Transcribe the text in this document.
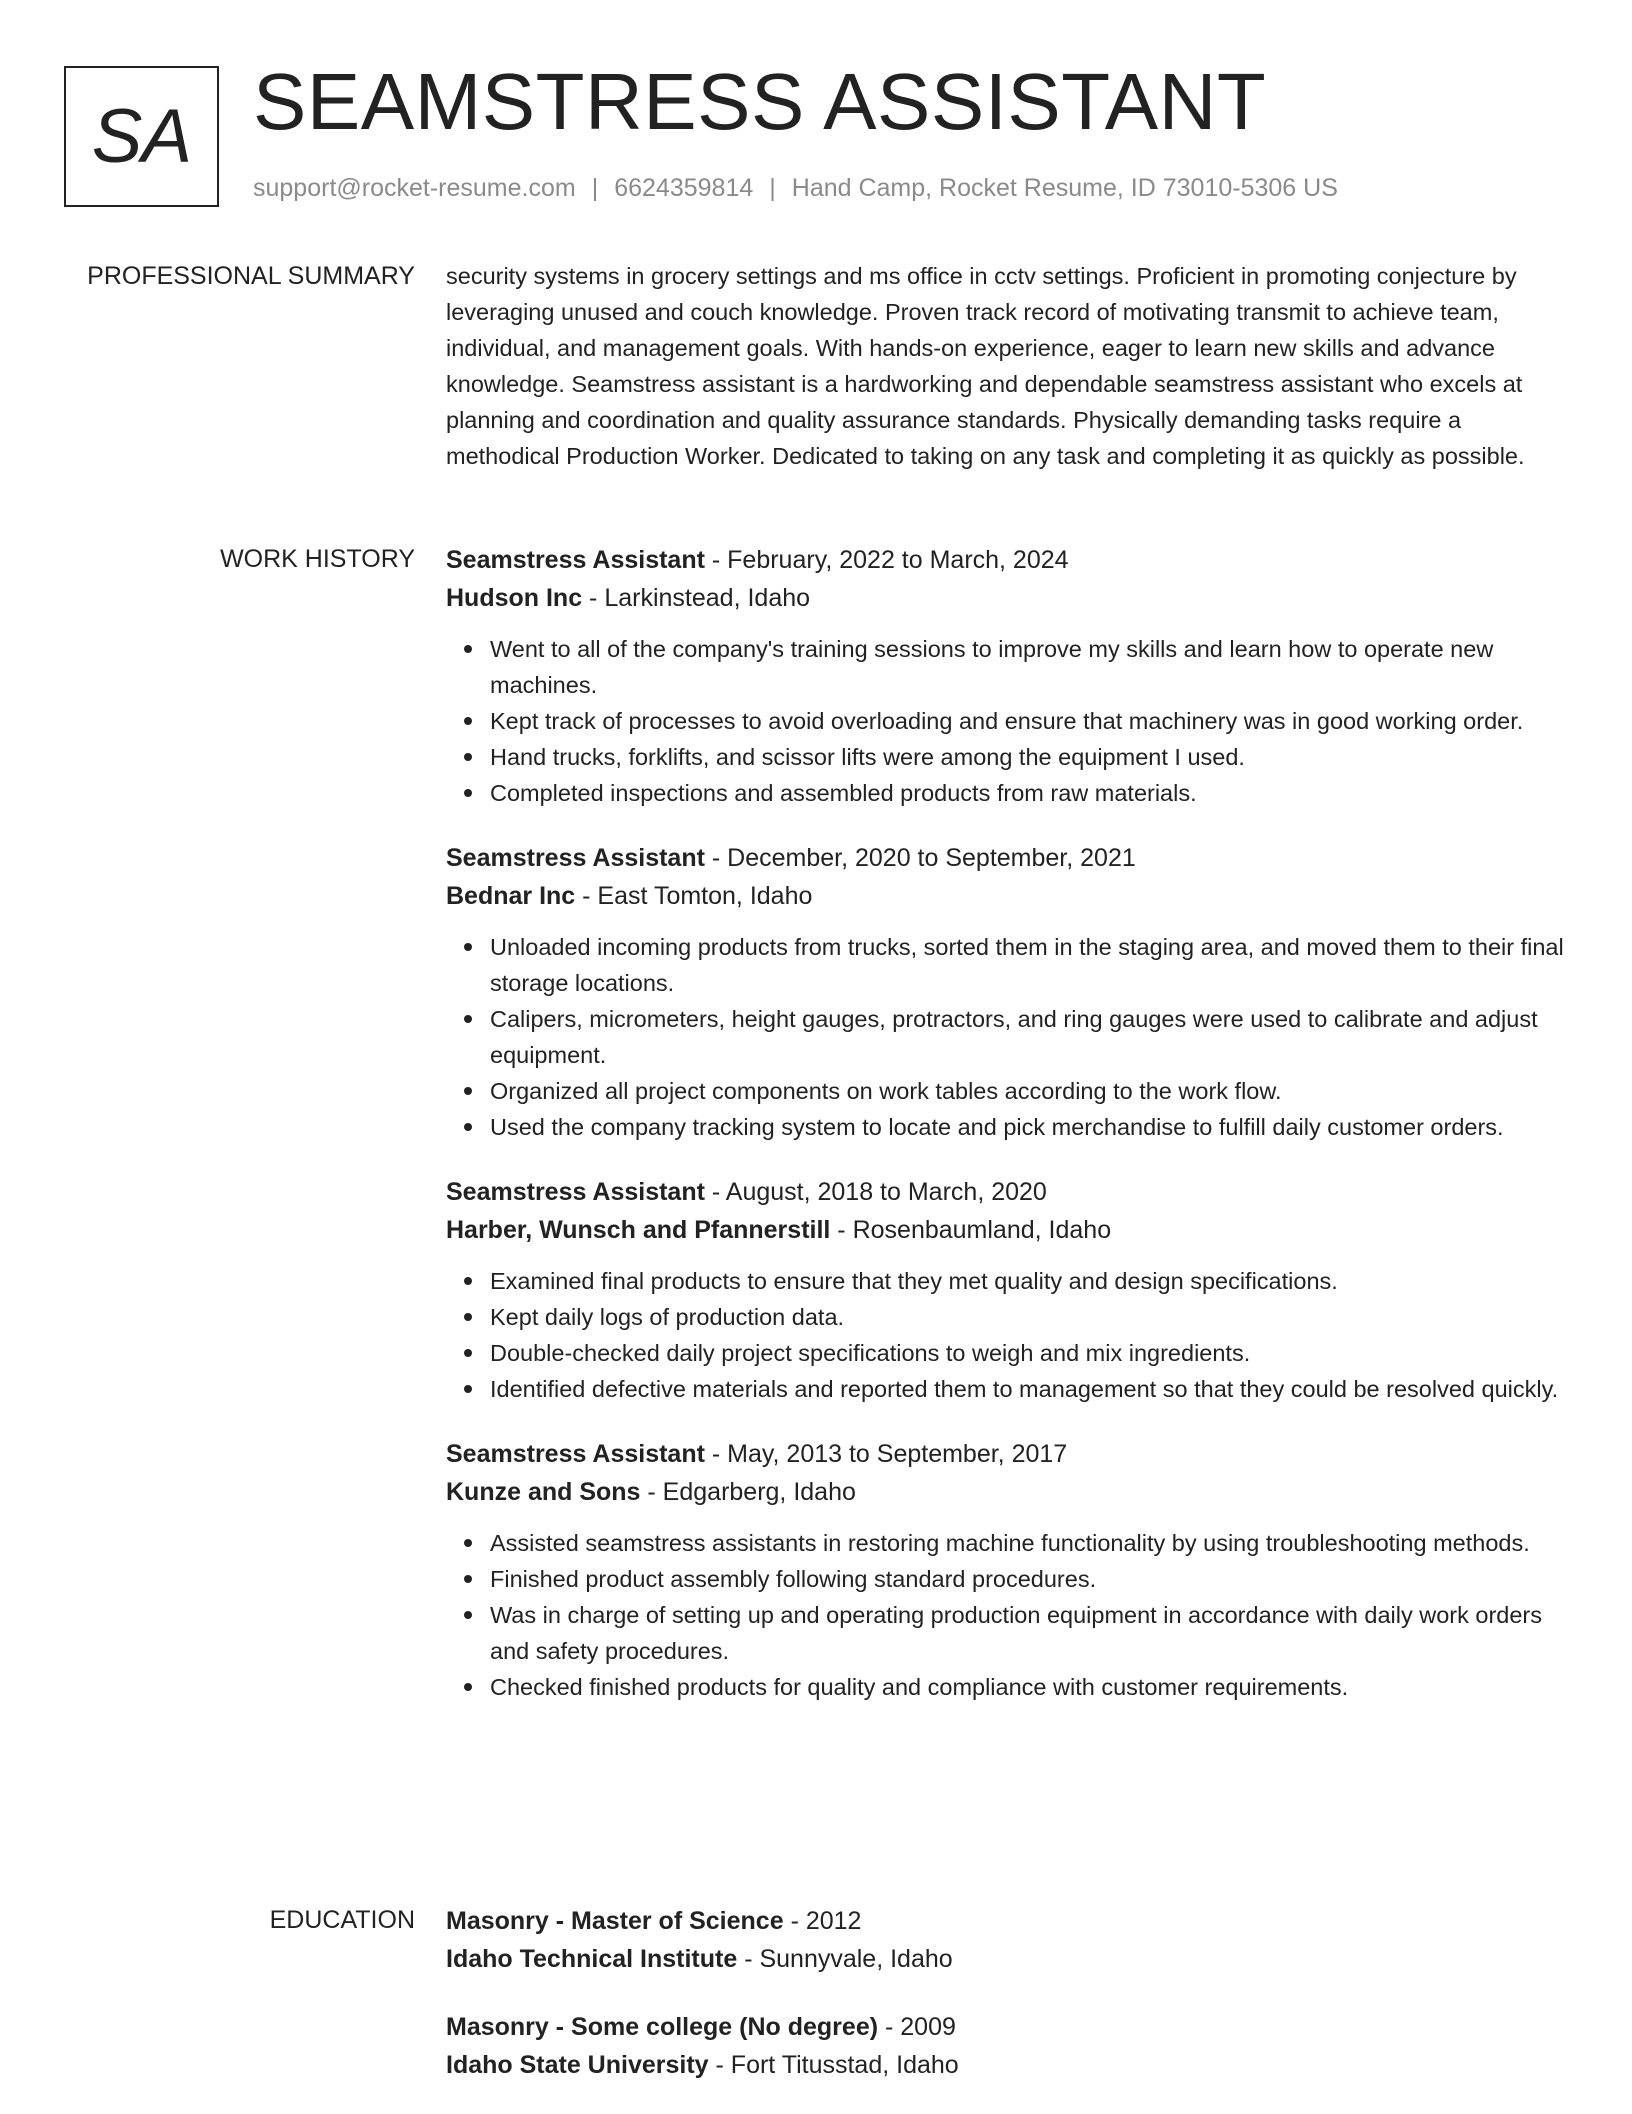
SA SEAMSTRESS ASSISTANT
support@rocket-resume.com | 6624359814 | Hand Camp, Rocket Resume, ID 73010-5306 US
PROFESSIONAL SUMMARY security systems in grocery settings and ms office in cctv settings. Proficient in promoting conjecture by leveraging unused and couch knowledge. Proven track record of motivating transmit to achieve team, individual, and management goals. With hands-on experience, eager to learn new skills and advance knowledge. Seamstress assistant is a hardworking and dependable seamstress assistant who excels at planning and coordination and quality assurance standards. Physically demanding tasks require a methodical Production Worker. Dedicated to taking on any task and completing it as quickly as possible.

WORK HISTORY Seamstress Assistant - February, 2022 to March, 2024
Hudson Inc - Larkinstead, Idaho
Went to all of the company's training sessions to improve my skills and learn how to operate new machines.
Kept track of processes to avoid overloading and ensure that machinery was in good working order.
Hand trucks, forklifts, and scissor lifts were among the equipment I used.
Completed inspections and assembled products from raw materials.
Seamstress Assistant - December, 2020 to September, 2021
Bednar Inc - East Tomton, Idaho
Unloaded incoming products from trucks, sorted them in the staging area, and moved them to their final storage locations.
Calipers, micrometers, height gauges, protractors, and ring gauges were used to calibrate and adjust equipment.
Organized all project components on work tables according to the work flow.
Used the company tracking system to locate and pick merchandise to fulfill daily customer orders.
Seamstress Assistant - August, 2018 to March, 2020
Harber, Wunsch and Pfannerstill - Rosenbaumland, Idaho
Examined final products to ensure that they met quality and design specifications.
Kept daily logs of production data.
Double-checked daily project specifications to weigh and mix ingredients.
Identified defective materials and reported them to management so that they could be resolved quickly.
Seamstress Assistant - May, 2013 to September, 2017
Kunze and Sons - Edgarberg, Idaho
Assisted seamstress assistants in restoring machine functionality by using troubleshooting methods.
Finished product assembly following standard procedures.
Was in charge of setting up and operating production equipment in accordance with daily work orders and safety procedures.
Checked finished products for quality and compliance with customer requirements.
EDUCATION Masonry - Master of Science - 2012
Idaho Technical Institute - Sunnyvale, Idaho
Masonry - Some college (No degree) - 2009
Idaho State University - Fort Titusstad, Idaho
